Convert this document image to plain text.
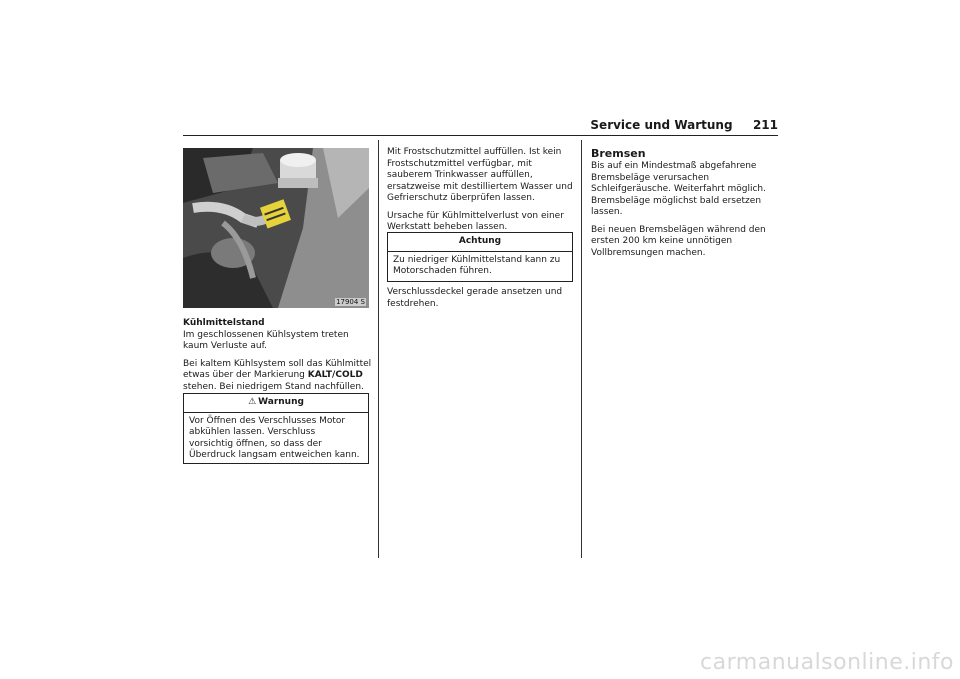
Service und Wartung 211
17904 S

Kühlmittelstand

Im geschlossenen Kühlsystem treten kaum Verluste auf.

Bei kaltem Kühlsystem soll das Kühlmittel etwas über der Markierung KALT/COLD stehen. Bei niedrigem Stand nachfüllen.

⚠ Warnung
Vor Öffnen des Verschlusses Motor abkühlen lassen. Verschluss vorsichtig öffnen, so dass der Überdruck langsam entweichen kann.

Mit Frostschutzmittel auffüllen. Ist kein Frostschutzmittel verfügbar, mit sauberem Trinkwasser auffüllen, ersatzweise mit destilliertem Wasser und Gefrierschutz überprüfen lassen.

Ursache für Kühlmittelverlust von einer Werkstatt beheben lassen.

Achtung
Zu niedriger Kühlmittelstand kann zu Motorschaden führen.

Verschlussdeckel gerade ansetzen und festdrehen.

Bremsen

Bis auf ein Mindestmaß abgefahrene Bremsbeläge verursachen Schleifgeräusche. Weiterfahrt möglich. Bremsbeläge möglichst bald ersetzen lassen.

Bei neuen Bremsbelägen während den ersten 200 km keine unnötigen Vollbremsungen machen.

carmanualsonline.info
